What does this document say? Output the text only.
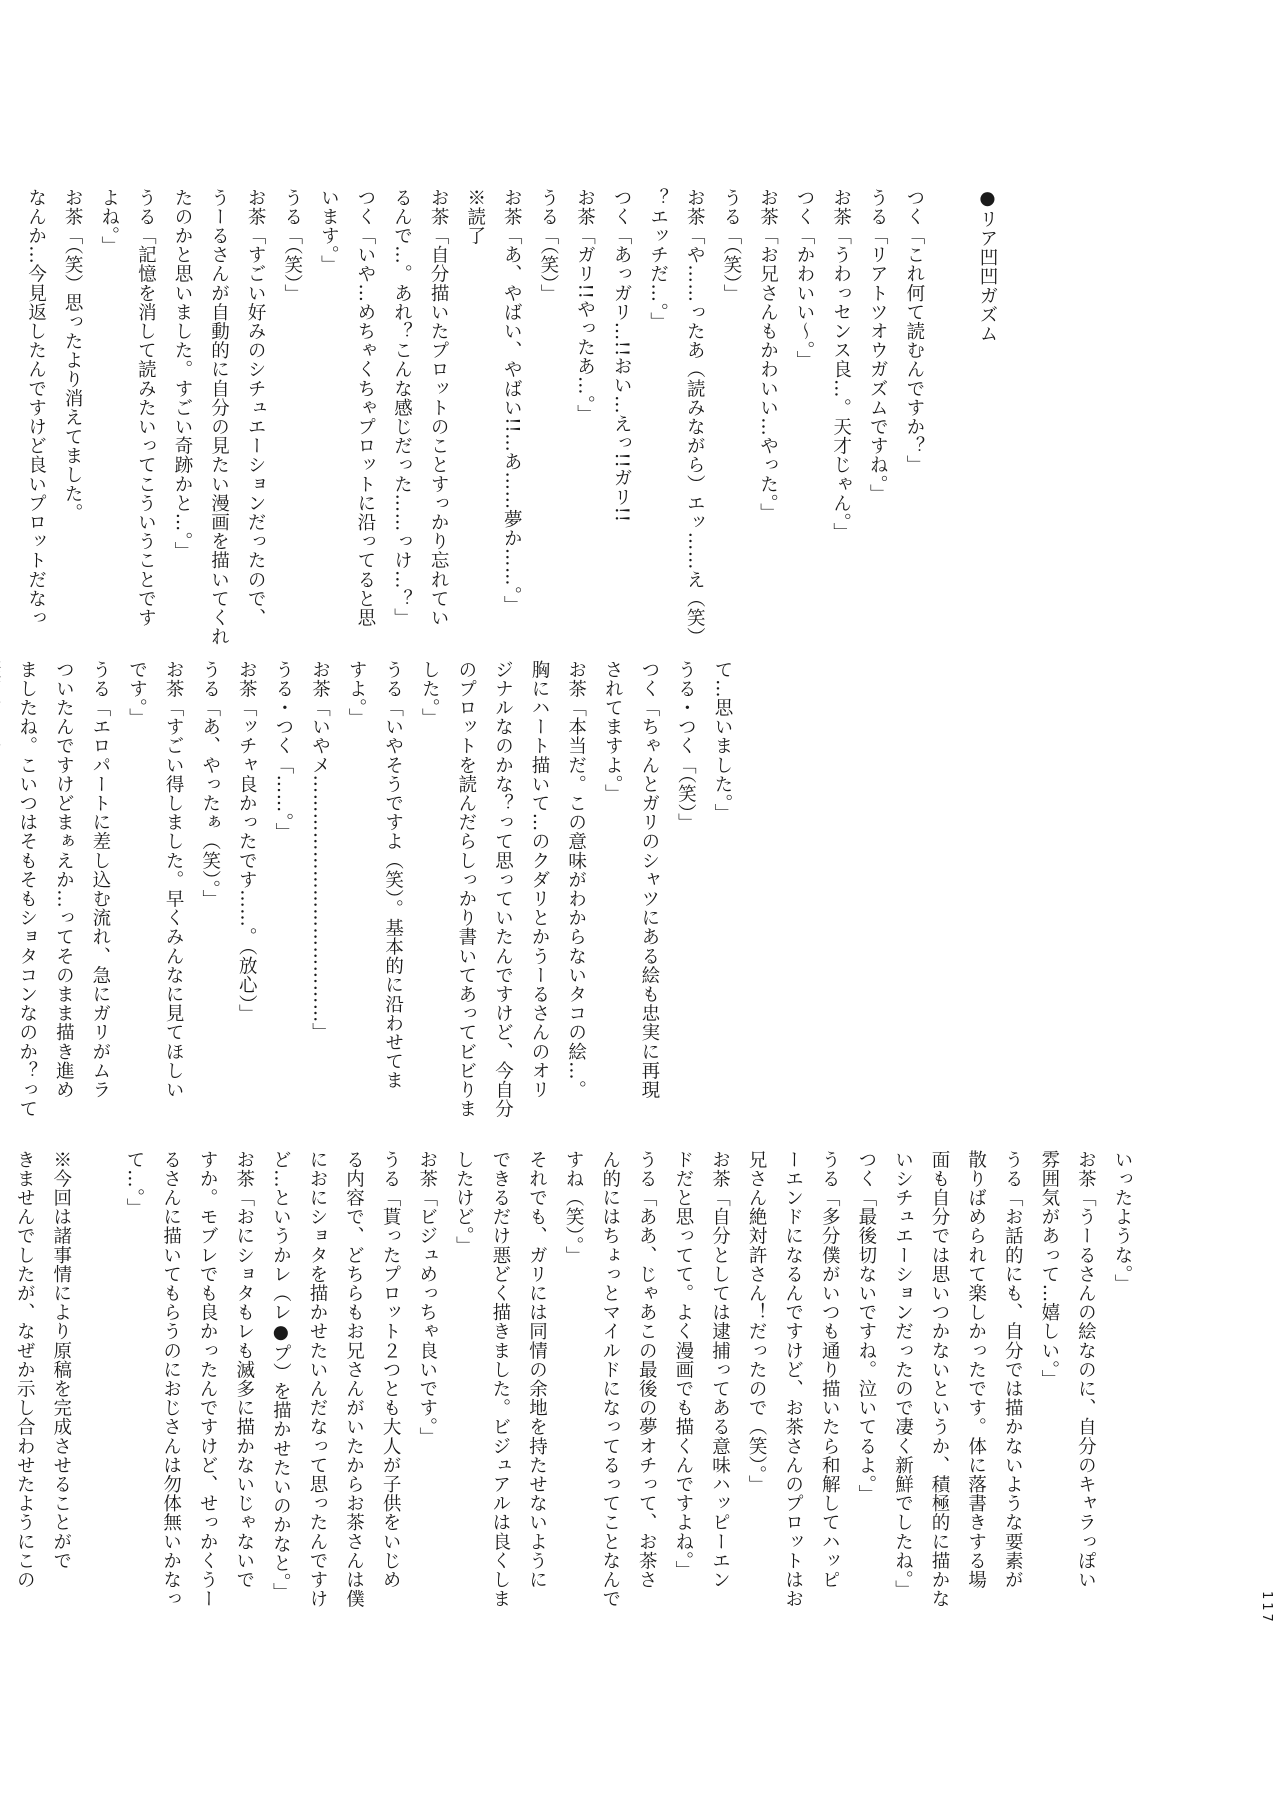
●リア凹凹ガズム

つく「これ何て読むんですか？」
うる「リアトツオウガズムですね。」
お茶「うわっセンス良…。天才じゃん。」
つく「かわいい〜。」
お茶「お兄さんもかわいい…やった。」
うる「（笑）」
お茶「や……ったあ（読みながら）エッ……え（笑）
？エッチだ…。」
つく「あっガリ…!!おい…えっ!!ガリ!!
お茶「ガリ!!やったあ…。」
うる「（笑）」
お茶「あ、やばい、やばい!!…あ……夢か……。」
※読了
お茶「自分描いたプロットのことすっかり忘れてい
るんで…。あれ？こんな感じだった……っけ…？」
つく「いや…めちゃくちゃプロットに沿ってると思
います。」
うる「（笑）」
お茶「すごい好みのシチュエーションだったので、
うーるさんが自動的に自分の見たい漫画を描いてくれ
たのかと思いました。すごい奇跡かと…。」
うる「記憶を消して読みたいってこういうことです
よね。」
お茶「（笑）思ったより消えてました。
なんか…今見返したんですけど良いプロットだなっ
て…思いました。」
うる・つく「（笑）」
つく「ちゃんとガリのシャツにある絵も忠実に再現
されてますよ。」
お茶「本当だ。この意味がわからないタコの絵…。
胸にハート描いて…のクダリとかうーるさんのオリ
ジナルなのかな？って思っていたんですけど、今自分
のプロットを読んだらしっかり書いてあってビビりま
した。」
うる「いやそうですよ（笑）。基本的に沿わせてま
すよ。」
お茶「いやメ…………………………………」
うる・つく「……。」
お茶「ッチャ良かったです……。（放心）」
うる「あ、やったぁ（笑）。」
お茶「すごい得しました。早くみんなに見てほしい
です。」
うる「エロパートに差し込む流れ、急にガリがムラ
ついたんですけどまぁえか…ってそのまま描き進め
ましたね。こいつはそもそもショタコンなのか？って
いったような。」
お茶「うーるさんの絵なのに、自分のキャラっぽい
雰囲気があって…嬉しい。」
うる「お話的にも、自分では描かないような要素が
散りばめられて楽しかったです。体に落書きする場
面も自分では思いつかないというか、積極的に描かな
いシチュエーションだったので凄く新鮮でしたね。」
つく「最後切ないですね。泣いてるよ。」
うる「多分僕がいつも通り描いたら和解してハッピ
ーエンドになるんですけど、お茶さんのプロットはお
兄さん絶対許さん！だったので（笑）。」
お茶「自分としては逮捕ってある意味ハッピーエン
ドだと思ってて。よく漫画でも描くんですよね。」
うる「ああ、じゃあこの最後の夢オチって、お茶さ
ん的にはちょっとマイルドになってるってことなんで
すね（笑）。」
それでも、ガリには同情の余地を持たせないように
できるだけ悪どく描きました。ビジュアルは良くしま
したけど。」
お茶「ビジュめっちゃ良いです。」
うる「貰ったプロット２つとも大人が子供をいじめ
る内容で、どちらもお兄さんがいたからお茶さんは僕
におにショタを描かせたいんだなって思ったんですけ
ど…というかレ（レ●プ）を描かせたいのかなと。」
お茶「おにショタもレも滅多に描かないじゃないで
すか。モブレでも良かったんですけど、せっかくうー
るさんに描いてもらうのにおじさんは勿体無いかなっ
て…。」

※今回は諸事情により原稿を完成させることがで
きませんでしたが、なぜか示し合わせたようにこの
117
